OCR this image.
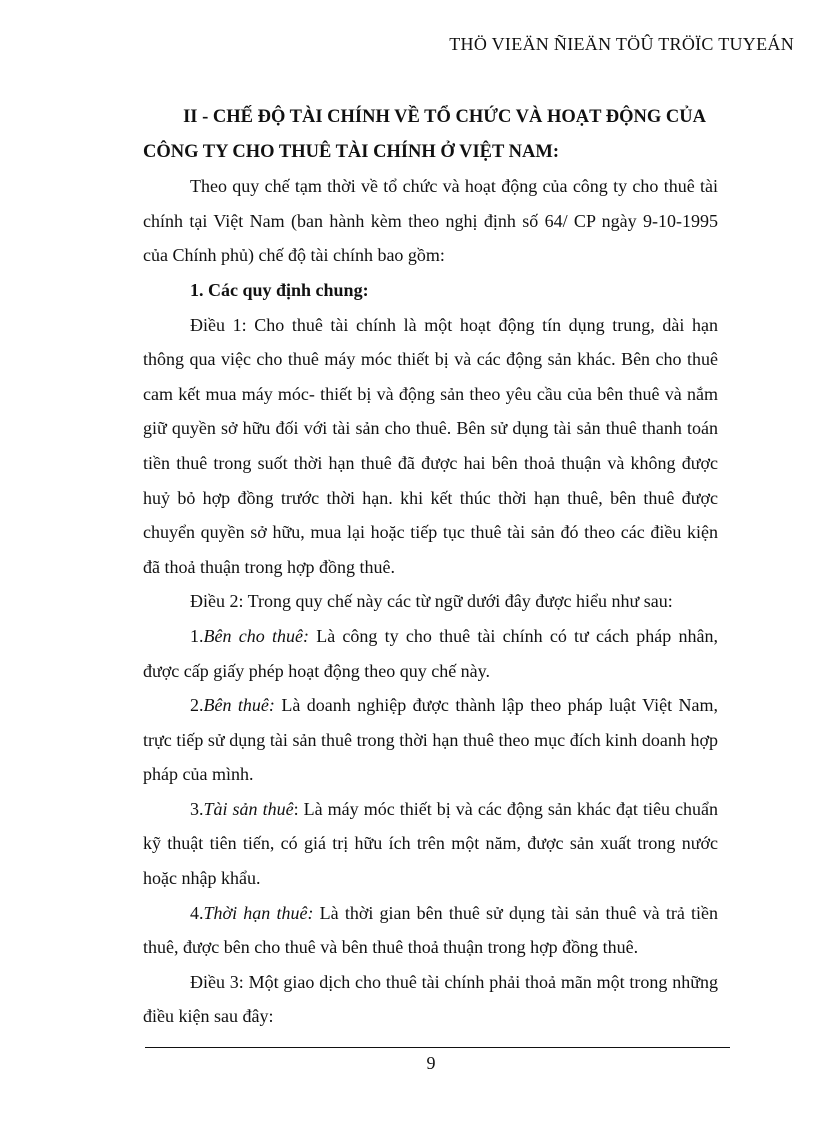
THÖ VIEÄN ÑIEÄN TÖÛ TRÖÏC TUYEÁN
II - CHẾ ĐỘ TÀI CHÍNH VỀ TỔ CHỨC VÀ HOẠT ĐỘNG CỦA
CÔNG TY CHO THUÊ TÀI CHÍNH Ở VIỆT NAM:
Theo quy chế tạm thời về tổ chức và hoạt động của công ty cho thuê tài chính tại Việt Nam (ban hành kèm theo nghị định số 64/ CP ngày 9-10-1995 của Chính phủ) chế độ tài chính bao gồm:
1. Các quy định chung:
Điều 1: Cho thuê tài chính là một hoạt động tín dụng trung, dài hạn thông qua việc cho thuê máy móc thiết bị và các động sản khác. Bên cho thuê cam kết mua máy móc- thiết bị và động sản theo yêu cầu của bên thuê và nắm giữ quyền sở hữu đối với tài sản cho thuê. Bên sử dụng tài sản thuê thanh toán tiền thuê trong suốt thời hạn thuê đã được hai bên thoả thuận và không được huỷ bỏ hợp đồng trước thời hạn. khi kết thúc thời hạn thuê, bên thuê được chuyển quyền sở hữu, mua lại hoặc tiếp tục thuê tài sản đó theo các điều kiện đã thoả thuận trong hợp đồng thuê.
Điều 2: Trong quy chế này các từ ngữ dưới đây được hiểu như sau:
1.Bên cho thuê: Là công ty cho thuê tài chính có tư cách pháp nhân, được cấp giấy phép hoạt động theo quy chế này.
2.Bên thuê: Là doanh nghiệp được thành lập theo pháp luật Việt Nam, trực tiếp sử dụng tài sản thuê trong thời hạn thuê theo mục đích kinh doanh hợp pháp của mình.
3.Tài sản thuê: Là máy móc thiết bị và các động sản khác đạt tiêu chuẩn kỹ thuật tiên tiến, có giá trị hữu ích trên một năm, được sản xuất trong nước hoặc nhập khẩu.
4.Thời hạn thuê: Là thời gian bên thuê sử dụng tài sản thuê và trả tiền thuê, được bên cho thuê và bên thuê thoả thuận trong hợp đồng thuê.
Điều 3: Một giao dịch cho thuê tài chính phải thoả mãn một trong những điều kiện sau đây:
9
